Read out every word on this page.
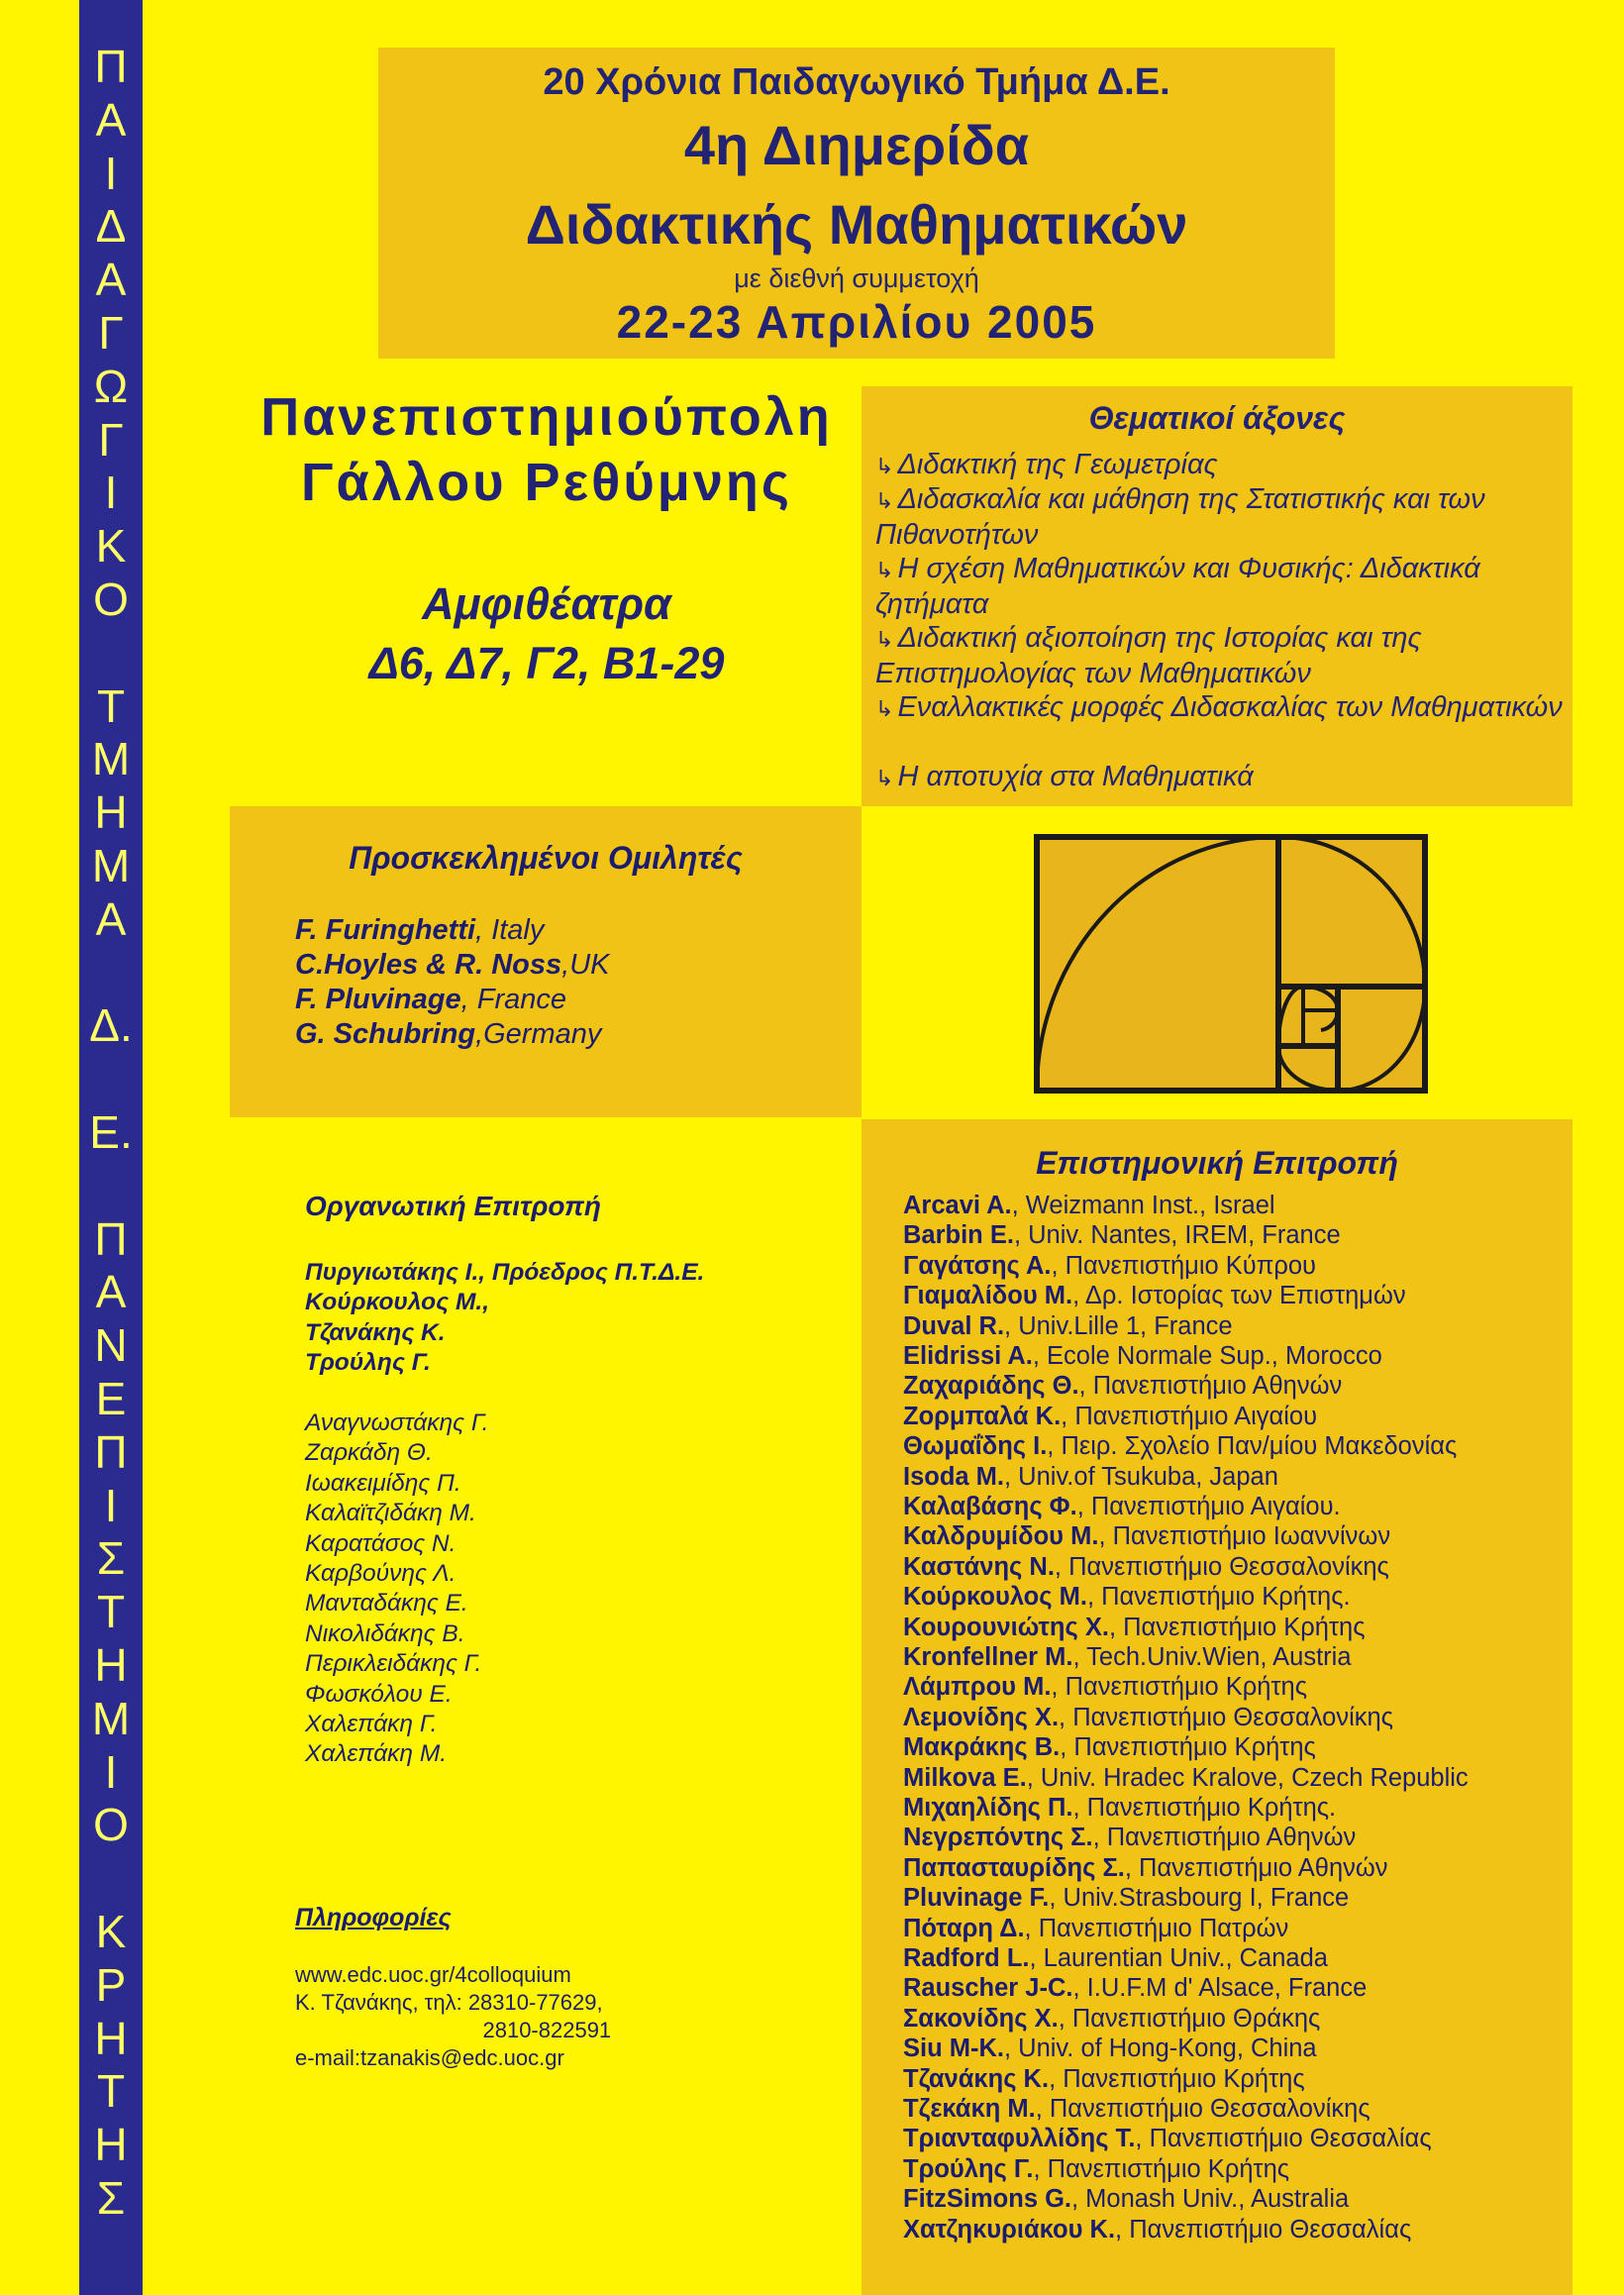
Π
Α
Ι
Δ
Α
Γ
Ω
Γ
Ι
Κ
Ο
Τ
Μ
Η
Μ
Α
Δ.
Ε.
Π
Α
Ν
Ε
Π
Ι
Σ
Τ
Η
Μ
Ι
Ο
Κ
Ρ
Η
Τ
Η
Σ
20 Χρόνια Παιδαγωγικό Τμήμα Δ.Ε.
4η Διημερίδα
Διδακτικής Μαθηματικών
με διεθνή συμμετοχή
22-23 Απριλίου 2005
Πανεπιστημιούπολη
Γάλλου Ρεθύμνης
Αμφιθέατρα
Δ6, Δ7, Γ2, Β1-29
Θεματικοί άξονες
↳ Διδακτική της Γεωμετρίας
↳ Διδασκαλία και μάθηση της Στατιστικής και των Πιθανοτήτων
↳ Η σχέση Μαθηματικών και Φυσικής: Διδακτικά ζητήματα
↳ Διδακτική αξιοποίηση της Ιστορίας και της Επιστημολογίας των Μαθηματικών
↳ Εναλλακτικές μορφές Διδασκαλίας των Μαθηματικών
↳ Η αποτυχία στα Μαθηματικά
Προσκεκλημένοι Ομιλητές
F. Furinghetti, Italy
C.Hoyles & R. Noss,UK
F. Pluvinage, France
G. Schubring,Germany
Επιστημονική Επιτροπή
Arcavi A., Weizmann Inst., Israel
Barbin E., Univ. Nantes, IREM, France
Γαγάτσης Α., Πανεπιστήμιο Κύπρου
Γιαμαλίδου Μ., Δρ. Ιστορίας των Επιστημών
Duval R., Univ.Lille 1, France
Elidrissi A., Ecole Normale Sup., Morocco
Ζαχαριάδης Θ., Πανεπιστήμιο Αθηνών
Ζορμπαλά Κ., Πανεπιστήμιο Αιγαίου
Θωμαΐδης Ι., Πειρ. Σχολείο Παν/μίου Μακεδονίας
Isoda M., Univ.of Tsukuba, Japan
Καλαβάσης Φ., Πανεπιστήμιο Αιγαίου.
Καλδρυμίδου Μ., Πανεπιστήμιο Ιωαννίνων
Καστάνης Ν., Πανεπιστήμιο Θεσσαλονίκης
Κούρκουλος Μ., Πανεπιστήμιο Κρήτης.
Κουρουνιώτης Χ., Πανεπιστήμιο Κρήτης
Kronfellner M., Tech.Univ.Wien, Austria
Λάμπρου Μ., Πανεπιστήμιο Κρήτης
Λεμονίδης Χ., Πανεπιστήμιο Θεσσαλονίκης
Μακράκης Β., Πανεπιστήμιο Κρήτης
Milkova E., Univ. Hradec Kralove, Czech Republic
Μιχαηλίδης Π., Πανεπιστήμιο Κρήτης.
Νεγρεπόντης Σ., Πανεπιστήμιο Αθηνών
Παπασταυρίδης Σ., Πανεπιστήμιο Αθηνών
Pluvinage F., Univ.Strasbourg I, France
Πόταρη Δ., Πανεπιστήμιο Πατρών
Radford L., Laurentian Univ., Canada
Rauscher J-C., I.U.F.M d' Alsace, France
Σακονίδης Χ., Πανεπιστήμιο Θράκης
Siu M-K., Univ. of Hong-Kong, China
Τζανάκης Κ., Πανεπιστήμιο Κρήτης
Τζεκάκη Μ., Πανεπιστήμιο Θεσσαλονίκης
Τριανταφυλλίδης Τ., Πανεπιστήμιο Θεσσαλίας
Τρούλης Γ., Πανεπιστήμιο Κρήτης
FitzSimons G., Monash Univ., Australia
Χατζηκυριάκου Κ., Πανεπιστήμιο Θεσσαλίας
Οργανωτική Επιτροπή
Πυργιωτάκης Ι., Πρόεδρος Π.Τ.Δ.Ε.
Κούρκουλος Μ.,
Τζανάκης Κ.
Τρούλης Γ.
Αναγνωστάκης Γ.
Ζαρκάδη Θ.
Ιωακειμίδης Π.
Καλαϊτζιδάκη Μ.
Καρατάσος Ν.
Καρβούνης Λ.
Μανταδάκης Ε.
Νικολιδάκης Β.
Περικλειδάκης Γ.
Φωσκόλου Ε.
Χαλεπάκη Γ.
Χαλεπάκη Μ.
Πληροφορίες
www.edc.uoc.gr/4colloquium
Κ. Τζανάκης, τηλ: 28310-77629,
2810-822591
e-mail:tzanakis@edc.uoc.gr
